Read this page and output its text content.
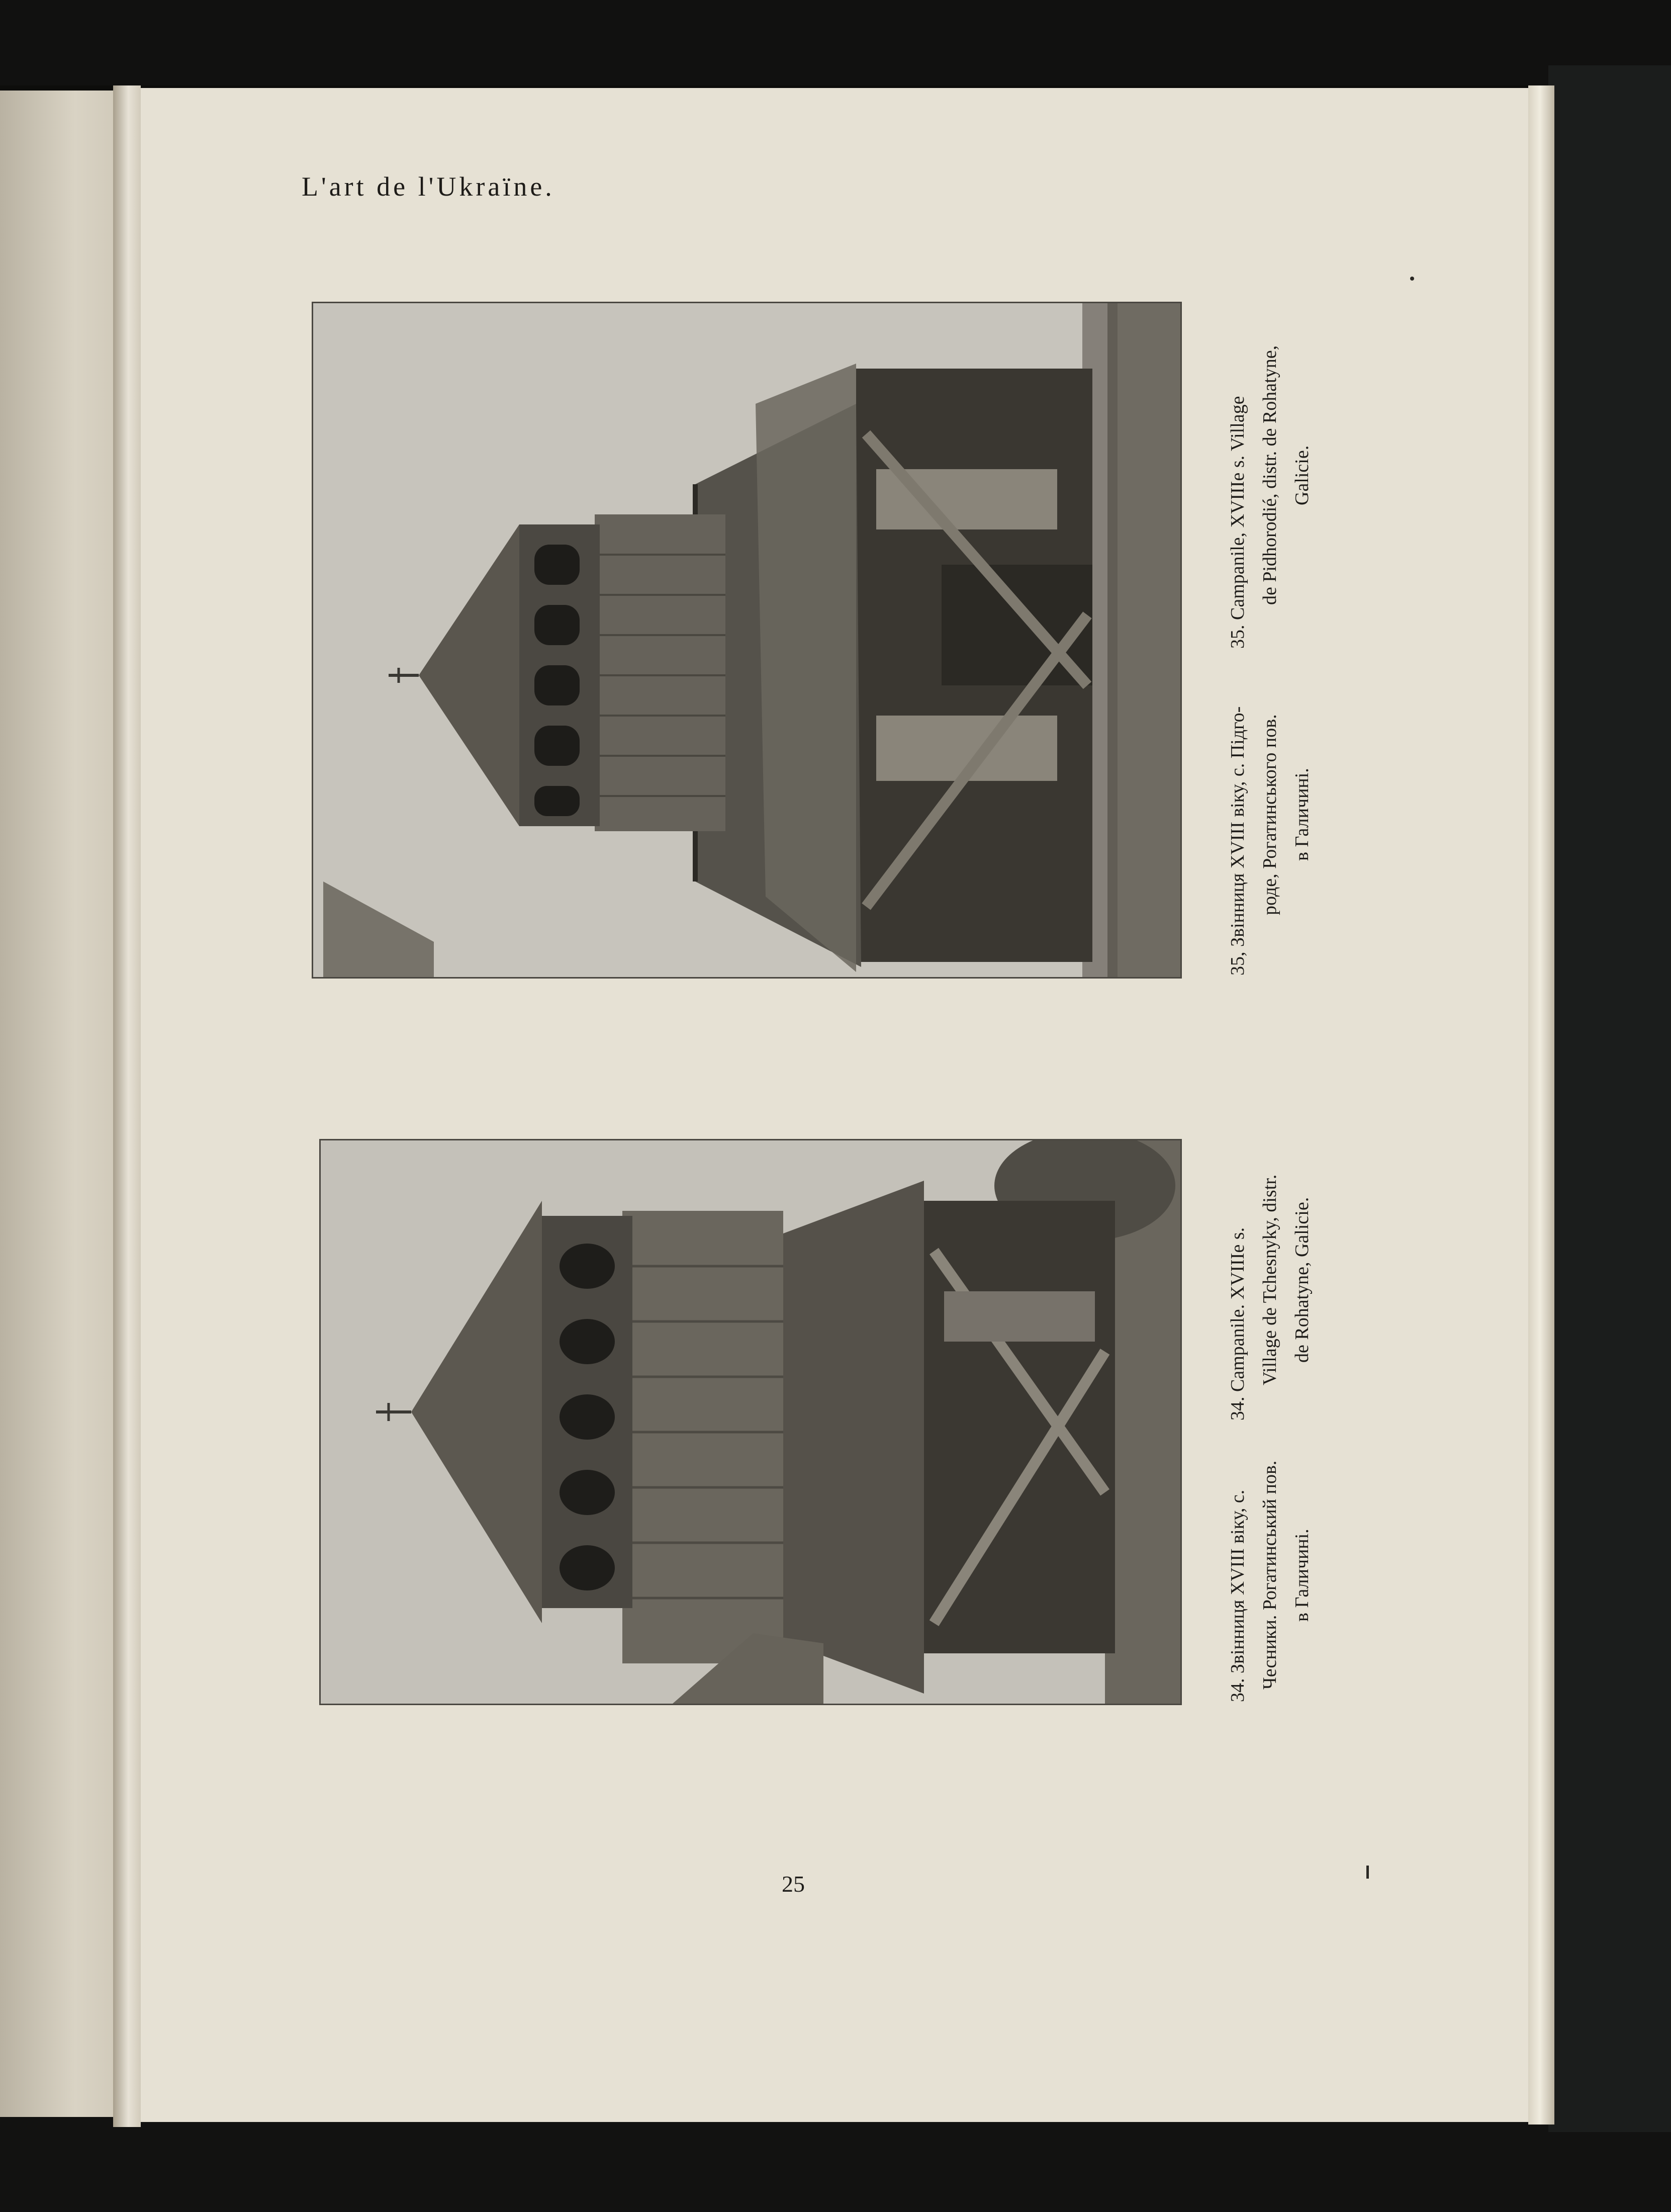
L'art de l'Ukraïne.
25
35, Звінниця XVIII віку, с. Підго- роде, Рогатинського пов. в Галичині.
35. Campanile, XVIIIe s. Village de Pidhorodié, distr. de Rohatyne, Galicie.
34. Звінниця XVIII віку, с. Чесники. Рогатинський пов. в Галичині.
34. Campanile. XVIIIe s. Village de Tchesnyky, distr. de Rohatyne, Galicie.
